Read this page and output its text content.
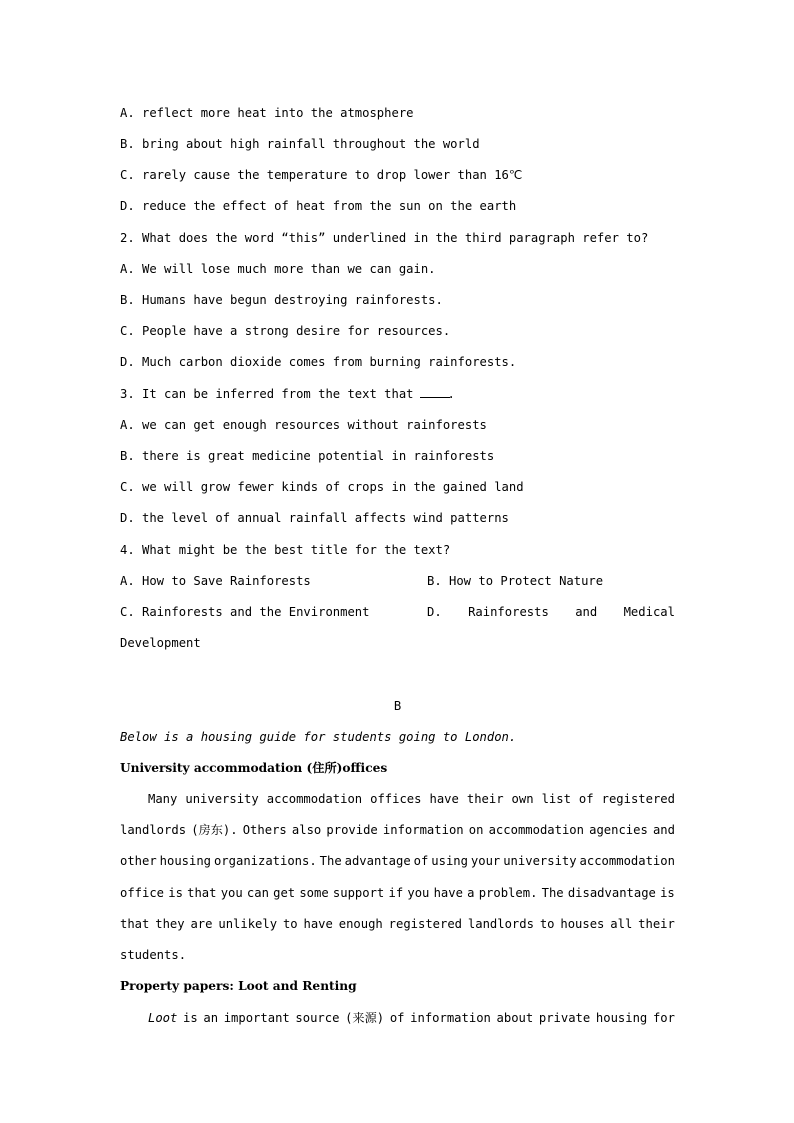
A. reflect more heat into the atmosphere
B. bring about high rainfall throughout the world
C. rarely cause the temperature to drop lower than 16℃
D. reduce the effect of heat from the sun on the earth
2. What does the word “this” underlined in the third paragraph refer to?
A. We will lose much more than we can gain.
B. Humans have begun destroying rainforests.
C. People have a strong desire for resources.
D. Much carbon dioxide comes from burning rainforests.
3. It can be inferred from the text that	.
A. we can get enough resources without rainforests
B. there is great medicine potential in rainforests
C. we will grow fewer kinds of crops in the gained land
D. the level of annual rainfall affects wind patterns
4. What might be the best title for the text?
A. How to Save Rainforests	B. How to Protect Nature
C. Rainforests and the Environment	D. Rainforests and Medical
Development
B
Below is a housing guide for students going to London.
University accommodation (住所)offices
Many university accommodation offices have their own list of registered
landlords (房东). Others also provide information on accommodation agencies and
other housing organizations. The advantage of using your university accommodation
office is that you can get some support if you have a problem. The disadvantage is
that they are unlikely to have enough registered landlords to houses all their
students.
Property papers: Loot and Renting
Loot is an important source (来源) of information about private housing for
